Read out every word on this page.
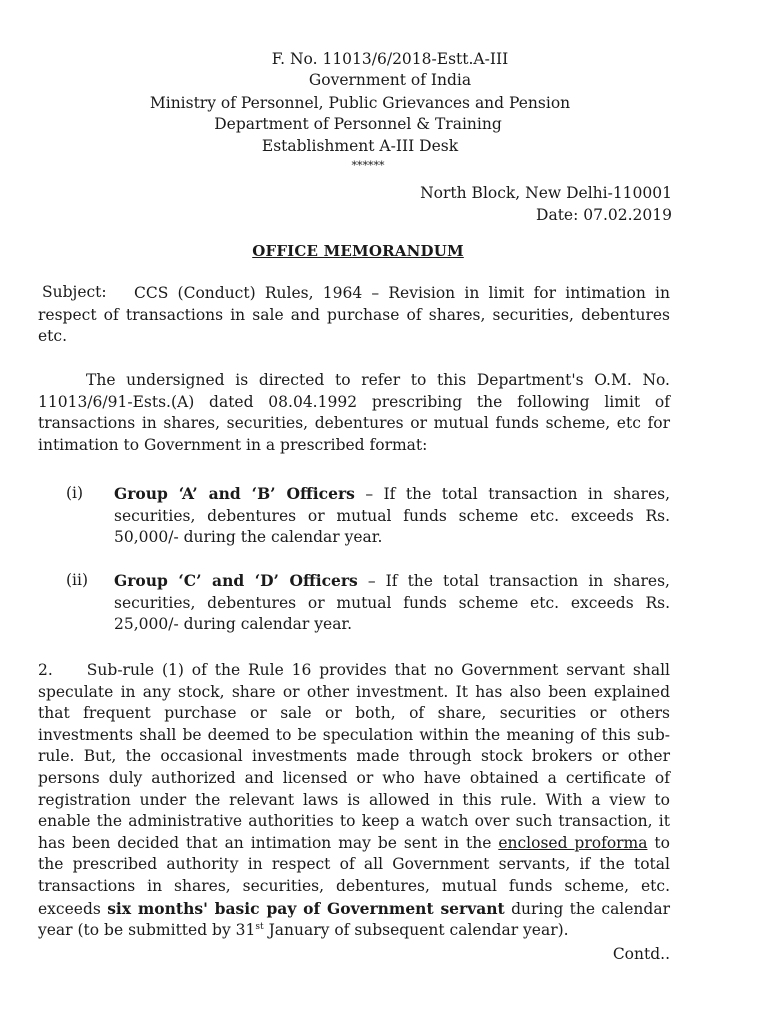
F. No. 11013/6/2018-Estt.A-III
Government of India
Ministry of Personnel, Public Grievances and Pension
Department of Personnel & Training
Establishment A-III Desk
******
North Block, New Delhi-110001
Date: 07.02.2019
OFFICE MEMORANDUM
Subject:	CCS (Conduct) Rules, 1964 – Revision in limit for intimation in respect of transactions in sale and purchase of shares, securities, debentures etc.
The undersigned is directed to refer to this Department's O.M. No. 11013/6/91-Ests.(A) dated 08.04.1992 prescribing the following limit of transactions in shares, securities, debentures or mutual funds scheme, etc for intimation to Government in a prescribed format:
(i) Group ‘A’ and ‘B’ Officers – If the total transaction in shares, securities, debentures or mutual funds scheme etc. exceeds Rs. 50,000/- during the calendar year.
(ii) Group ‘C’ and ‘D’ Officers – If the total transaction in shares, securities, debentures or mutual funds scheme etc. exceeds Rs. 25,000/- during calendar year.
2. Sub-rule (1) of the Rule 16 provides that no Government servant shall speculate in any stock, share or other investment. It has also been explained that frequent purchase or sale or both, of share, securities or others investments shall be deemed to be speculation within the meaning of this sub-rule. But, the occasional investments made through stock brokers or other persons duly authorized and licensed or who have obtained a certificate of registration under the relevant laws is allowed in this rule. With a view to enable the administrative authorities to keep a watch over such transaction, it has been decided that an intimation may be sent in the enclosed proforma to the prescribed authority in respect of all Government servants, if the total transactions in shares, securities, debentures, mutual funds scheme, etc. exceeds six months' basic pay of Government servant during the calendar year (to be submitted by 31st January of subsequent calendar year).
Contd..
